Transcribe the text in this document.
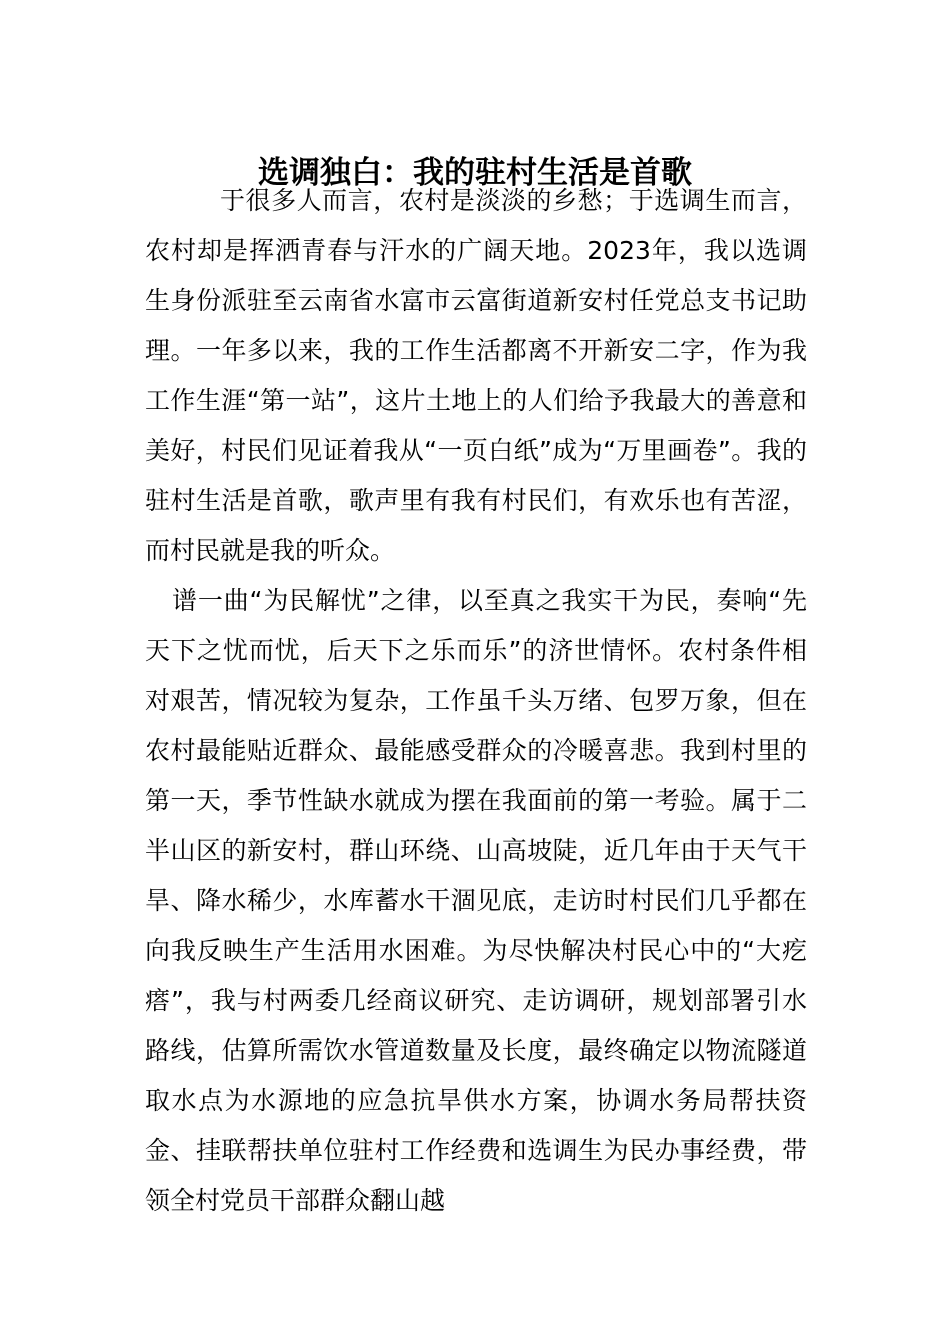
选调独白：我的驻村生活是首歌

于很多人而言，农村是淡淡的乡愁；于选调生而言，农村却是挥洒青春与汗水的广阔天地。2023年，我以选调生身份派驻至云南省水富市云富街道新安村任党总支书记助理。一年多以来，我的工作生活都离不开新安二字，作为我工作生涯“第一站”，这片土地上的人们给予我最大的善意和美好，村民们见证着我从“一页白纸”成为“万里画卷”。我的驻村生活是首歌，歌声里有我有村民们，有欢乐也有苦涩，而村民就是我的听众。

谱一曲“为民解忧”之律，以至真之我实干为民，奏响“先天下之忧而忧，后天下之乐而乐”的济世情怀。农村条件相对艰苦，情况较为复杂，工作虽千头万绪、包罗万象，但在农村最能贴近群众、最能感受群众的冷暖喜悲。我到村里的第一天，季节性缺水就成为摆在我面前的第一考验。属于二半山区的新安村，群山环绕、山高坡陡，近几年由于天气干旱、降水稀少，水库蓄水干涸见底，走访时村民们几乎都在向我反映生产生活用水困难。为尽快解决村民心中的“大疙瘩”，我与村两委几经商议研究、走访调研，规划部署引水路线，估算所需饮水管道数量及长度，最终确定以物流隧道取水点为水源地的应急抗旱供水方案，协调水务局帮扶资金、挂联帮扶单位驻村工作经费和选调生为民办事经费，带领全村党员干部群众翻山越
